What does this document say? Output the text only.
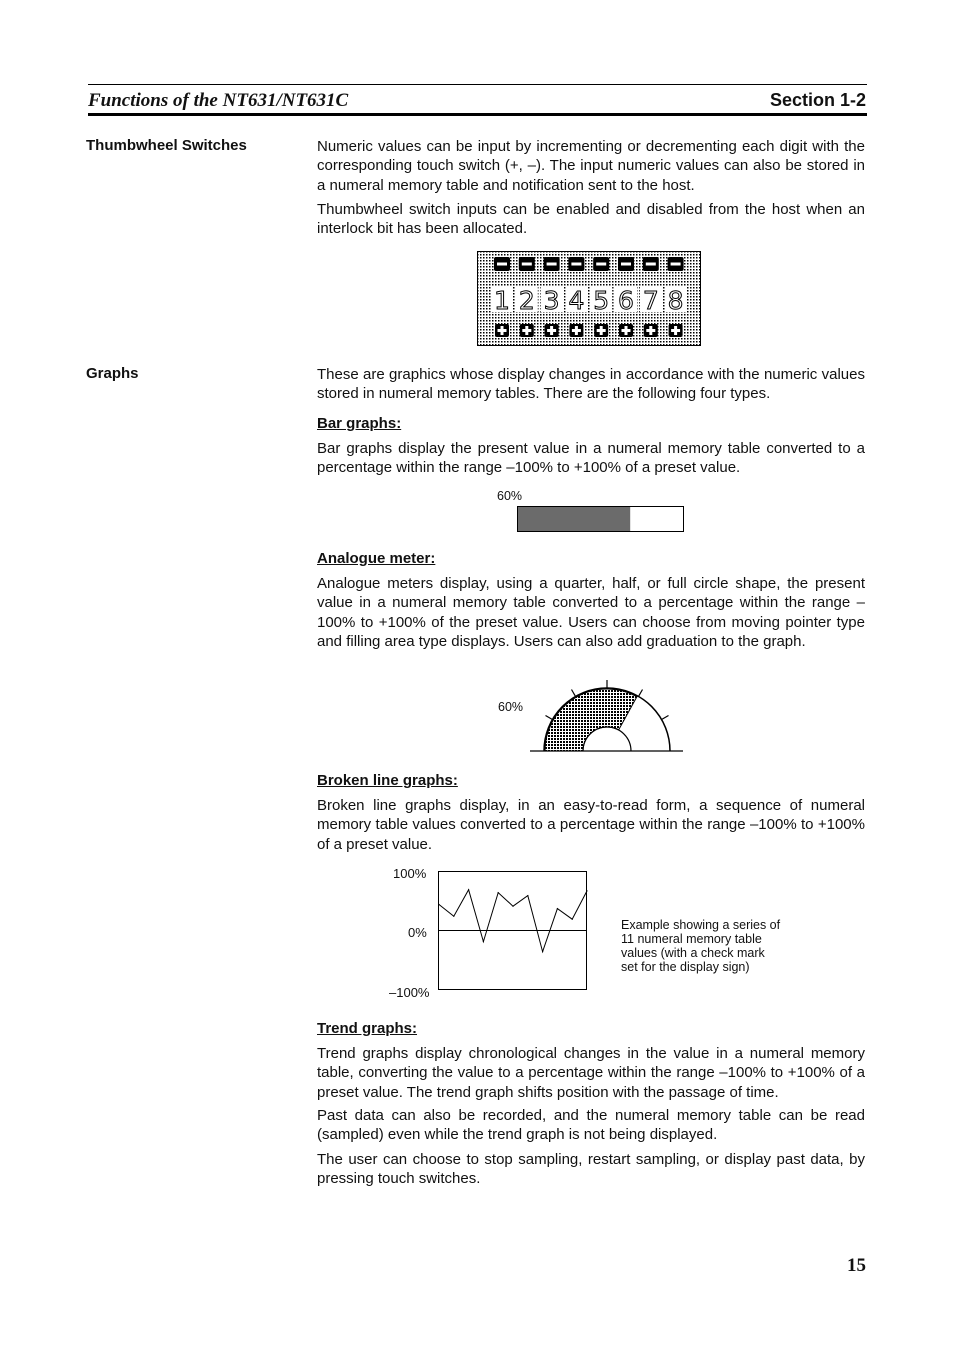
Functions of the NT631/NT631C	Section 1-2
Thumbwheel Switches	Numeric values can be input by incrementing or decrementing each digit with the corresponding touch switch (+, –). The input numeric values can also be stored in a numeral memory table and notification sent to the host.
Thumbwheel switch inputs can be enabled and disabled from the host when an interlock bit has been allocated.
1 2 3 4 5 6 7 8
Graphs	These are graphics whose display changes in accordance with the numeric values stored in numeral memory tables. There are the following four types.
Bar graphs:
Bar graphs display the present value in a numeral memory table converted to a percentage within the range –100% to +100% of a preset value.
60%
Analogue meter:
Analogue meters display, using a quarter, half, or full circle shape, the present value in a numeral memory table converted to a percentage within the range –100% to +100% of the preset value. Users can choose from moving pointer type and filling area type displays. Users can also add graduation to the graph.
60%
Broken line graphs:
Broken line graphs display, in an easy-to-read form, a sequence of numeral memory table values converted to a percentage within the range –100% to +100% of a preset value.
100%
0%
–100%
Example showing a series of
11 numeral memory table
values (with a check mark
set for the display sign)
Trend graphs:
Trend graphs display chronological changes in the value in a numeral memory table, converting the value to a percentage within the range –100% to +100% of a preset value. The trend graph shifts position with the passage of time.
Past data can also be recorded, and the numeral memory table can be read (sampled) even while the trend graph is not being displayed.
The user can choose to stop sampling, restart sampling, or display past data, by pressing touch switches.
15
